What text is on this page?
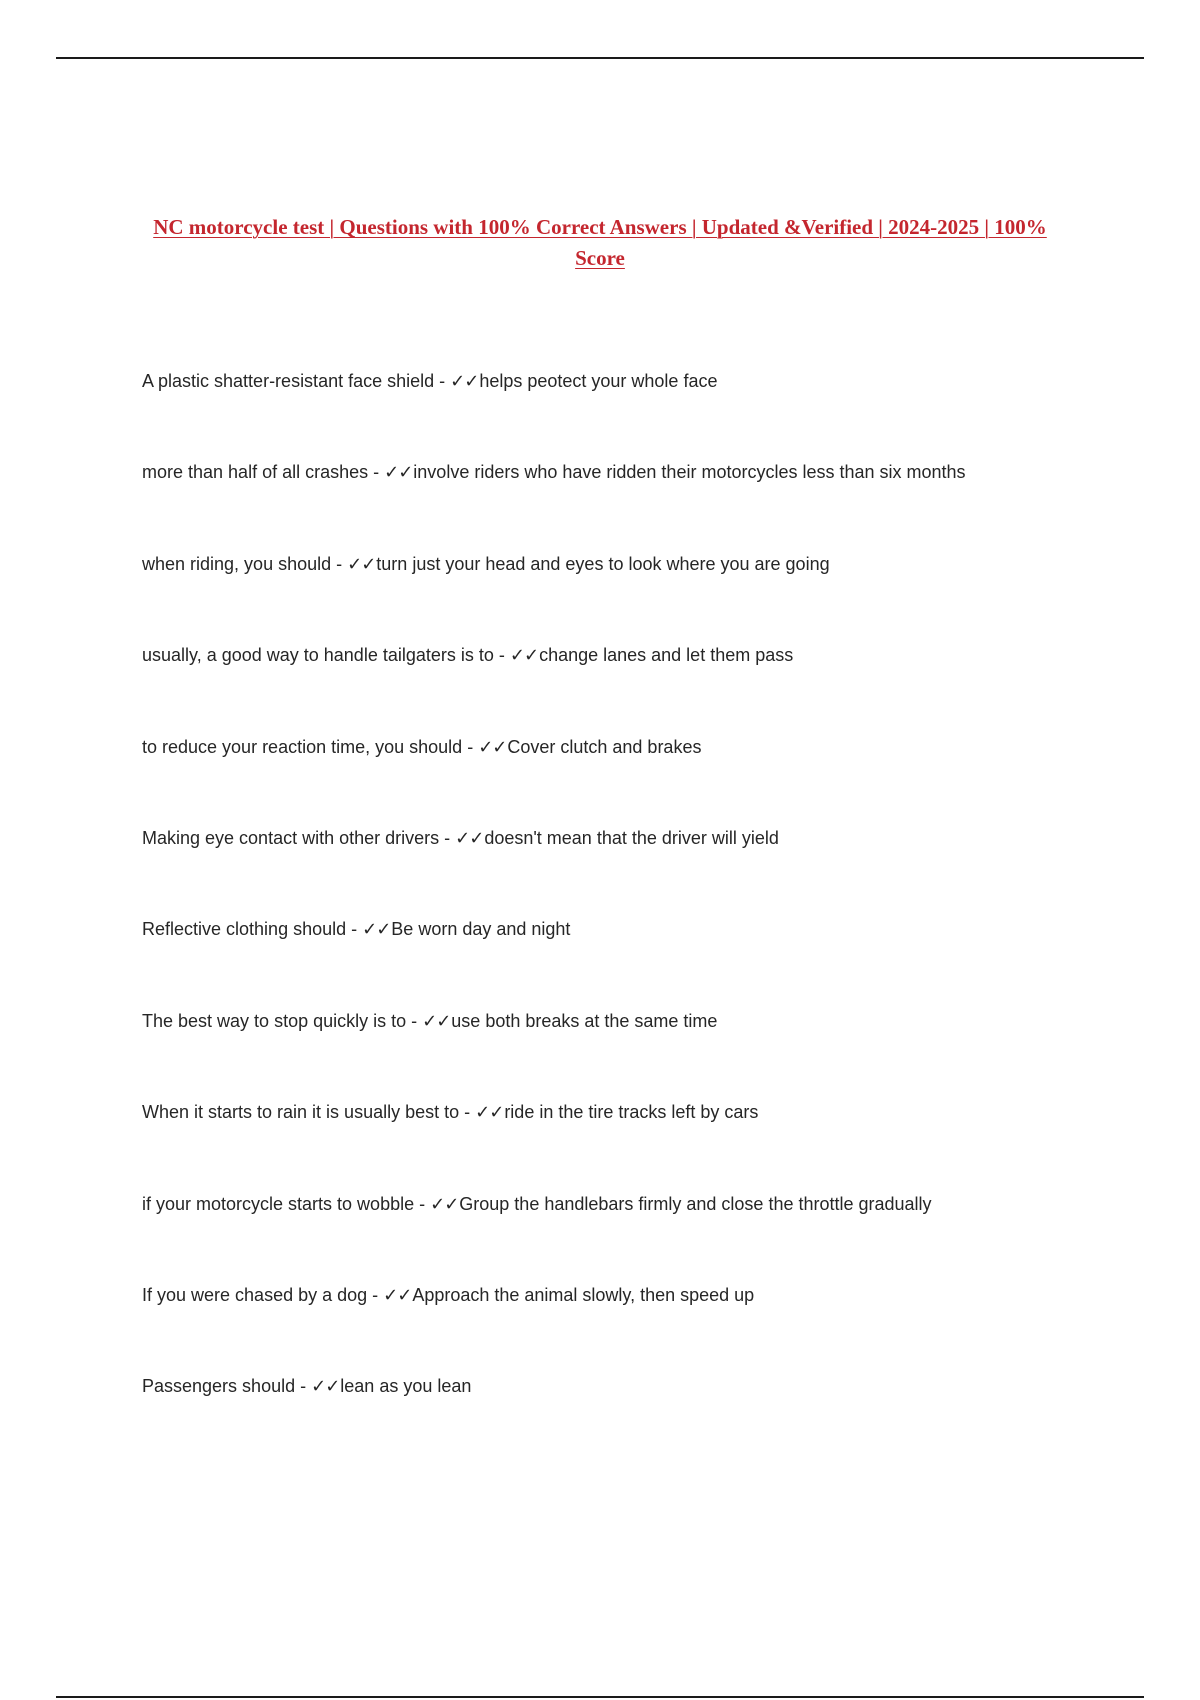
NC motorcycle test | Questions with 100% Correct Answers | Updated &Verified | 2024-2025 | 100% Score
A plastic shatter-resistant face shield - ✓✓helps peotect your whole face
more than half of all crashes - ✓✓involve riders who have ridden their motorcycles less than six months
when riding, you should - ✓✓turn just your head and eyes to look where you are going
usually, a good way to handle tailgaters is to - ✓✓change lanes and let them pass
to reduce your reaction time, you should - ✓✓Cover clutch and brakes
Making eye contact with other drivers - ✓✓doesn't mean that the driver will yield
Reflective clothing should - ✓✓Be worn day and night
The best way to stop quickly is to - ✓✓use both breaks at the same time
When it starts to rain it is usually best to - ✓✓ride in the tire tracks left by cars
if your motorcycle starts to wobble - ✓✓Group the handlebars firmly and close the throttle gradually
If you were chased by a dog - ✓✓Approach the animal slowly, then speed up
Passengers should - ✓✓lean as you lean
